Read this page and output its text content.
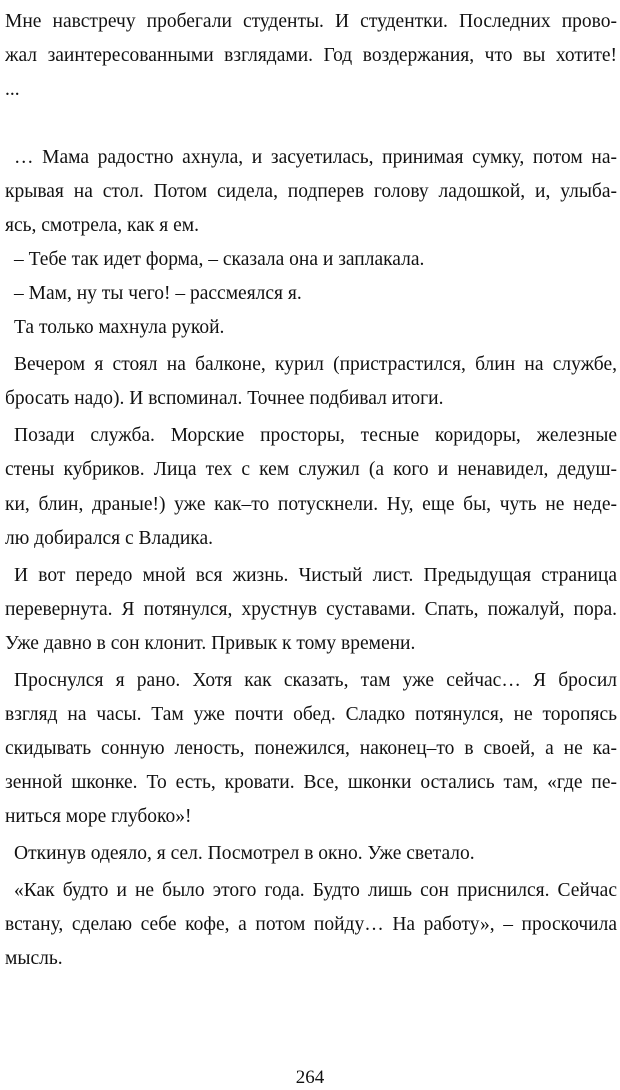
Мне навстречу пробегали студенты. И студентки. Последних прово-
жал заинтересованными взглядами. Год воздержания, что вы хотите!
...
… Мама радостно ахнула, и засуетилась, принимая сумку, потом на-
крывая на стол. Потом сидела, подперев голову ладошкой, и, улыба-
ясь, смотрела, как я ем.
– Тебе так идет форма, – сказала она и заплакала.
– Мам, ну ты чего! – рассмеялся я.
Та только махнула рукой.
Вечером я стоял на балконе, курил (пристрастился, блин на службе,
бросать надо). И вспоминал. Точнее подбивал итоги.
Позади служба. Морские просторы, тесные коридоры, железные
стены кубриков. Лица тех с кем служил (а кого и ненавидел, дедуш-
ки, блин, драные!) уже как–то потускнели. Ну, еще бы, чуть не неде-
лю добирался с Владика.
И вот передо мной вся жизнь. Чистый лист. Предыдущая страница
перевернута. Я потянулся, хрустнув суставами. Спать, пожалуй, пора.
Уже давно в сон клонит. Привык к тому времени.
Проснулся я рано. Хотя как сказать, там уже сейчас… Я бросил
взгляд на часы. Там уже почти обед. Сладко потянулся, не торопясь
скидывать сонную леность, понежился, наконец–то в своей, а не ка-
зенной шконке. То есть, кровати. Все, шконки остались там, «где пе-
ниться море глубоко»!
Откинув одеяло, я сел. Посмотрел в окно. Уже светало.
«Как будто и не было этого года. Будто лишь сон приснился. Сейчас
встану, сделаю себе кофе, а потом пойду… На работу», – проскочила
мысль.
264
